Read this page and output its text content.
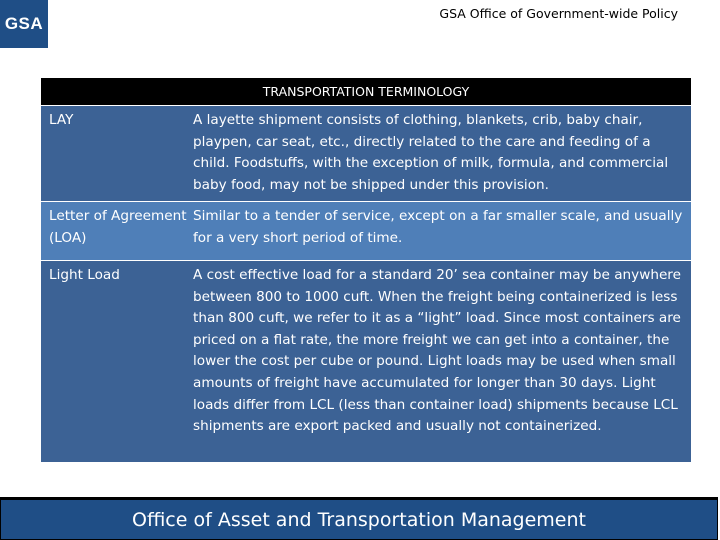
GSA
GSA Office of Government-wide Policy
TRANSPORTATION TERMINOLOGY
LAY	A layette shipment consists of clothing, blankets, crib, baby chair, playpen, car seat, etc., directly related to the care and feeding of a child. Foodstuffs, with the exception of milk, formula, and commercial baby food, may not be shipped under this provision.
Letter of Agreement (LOA)
Similar to a tender of service, except on a far smaller scale, and usually for a very short period of time.
Light Load	A cost effective load for a standard 20’ sea container may be anywhere between 800 to 1000 cuft. When the freight being containerized is less than 800 cuft, we refer to it as a “light” load. Since most containers are priced on a flat rate, the more freight we can get into a container, the lower the cost per cube or pound. Light loads may be used when small amounts of freight have accumulated for longer than 30 days. Light loads differ from LCL (less than container load) shipments because LCL shipments are export packed and usually not containerized.
Office of Asset and Transportation Management
